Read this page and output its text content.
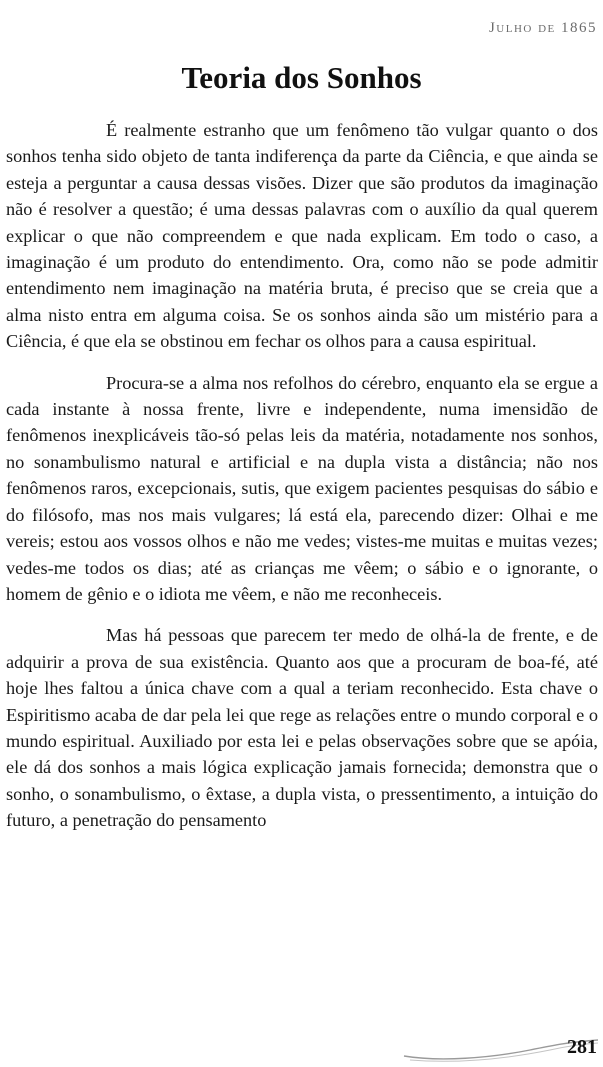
Julho de 1865
Teoria dos Sonhos

É realmente estranho que um fenômeno tão vulgar quanto o dos sonhos tenha sido objeto de tanta indiferença da parte da Ciência, e que ainda se esteja a perguntar a causa dessas visões. Dizer que são produtos da imaginação não é resolver a questão; é uma dessas palavras com o auxílio da qual querem explicar o que não compreendem e que nada explicam. Em todo o caso, a imaginação é um produto do entendimento. Ora, como não se pode admitir entendimento nem imaginação na matéria bruta, é preciso que se creia que a alma nisto entra em alguma coisa. Se os sonhos ainda são um mistério para a Ciência, é que ela se obstinou em fechar os olhos para a causa espiritual.

Procura-se a alma nos refolhos do cérebro, enquanto ela se ergue a cada instante à nossa frente, livre e independente, numa imensidão de fenômenos inexplicáveis tão-só pelas leis da matéria, notadamente nos sonhos, no sonambulismo natural e artificial e na dupla vista a distância; não nos fenômenos raros, excepcionais, sutis, que exigem pacientes pesquisas do sábio e do filósofo, mas nos mais vulgares; lá está ela, parecendo dizer: Olhai e me vereis; estou aos vossos olhos e não me vedes; vistes-me muitas e muitas vezes; vedes-me todos os dias; até as crianças me vêem; o sábio e o ignorante, o homem de gênio e o idiota me vêem, e não me reconheceis.

Mas há pessoas que parecem ter medo de olhá-la de frente, e de adquirir a prova de sua existência. Quanto aos que a procuram de boa-fé, até hoje lhes faltou a única chave com a qual a teriam reconhecido. Esta chave o Espiritismo acaba de dar pela lei que rege as relações entre o mundo corporal e o mundo espiritual. Auxiliado por esta lei e pelas observações sobre que se apóia, ele dá dos sonhos a mais lógica explicação jamais fornecida; demonstra que o sonho, o sonambulismo, o êxtase, a dupla vista, o pressentimento, a intuição do futuro, a penetração do pensamento

281
